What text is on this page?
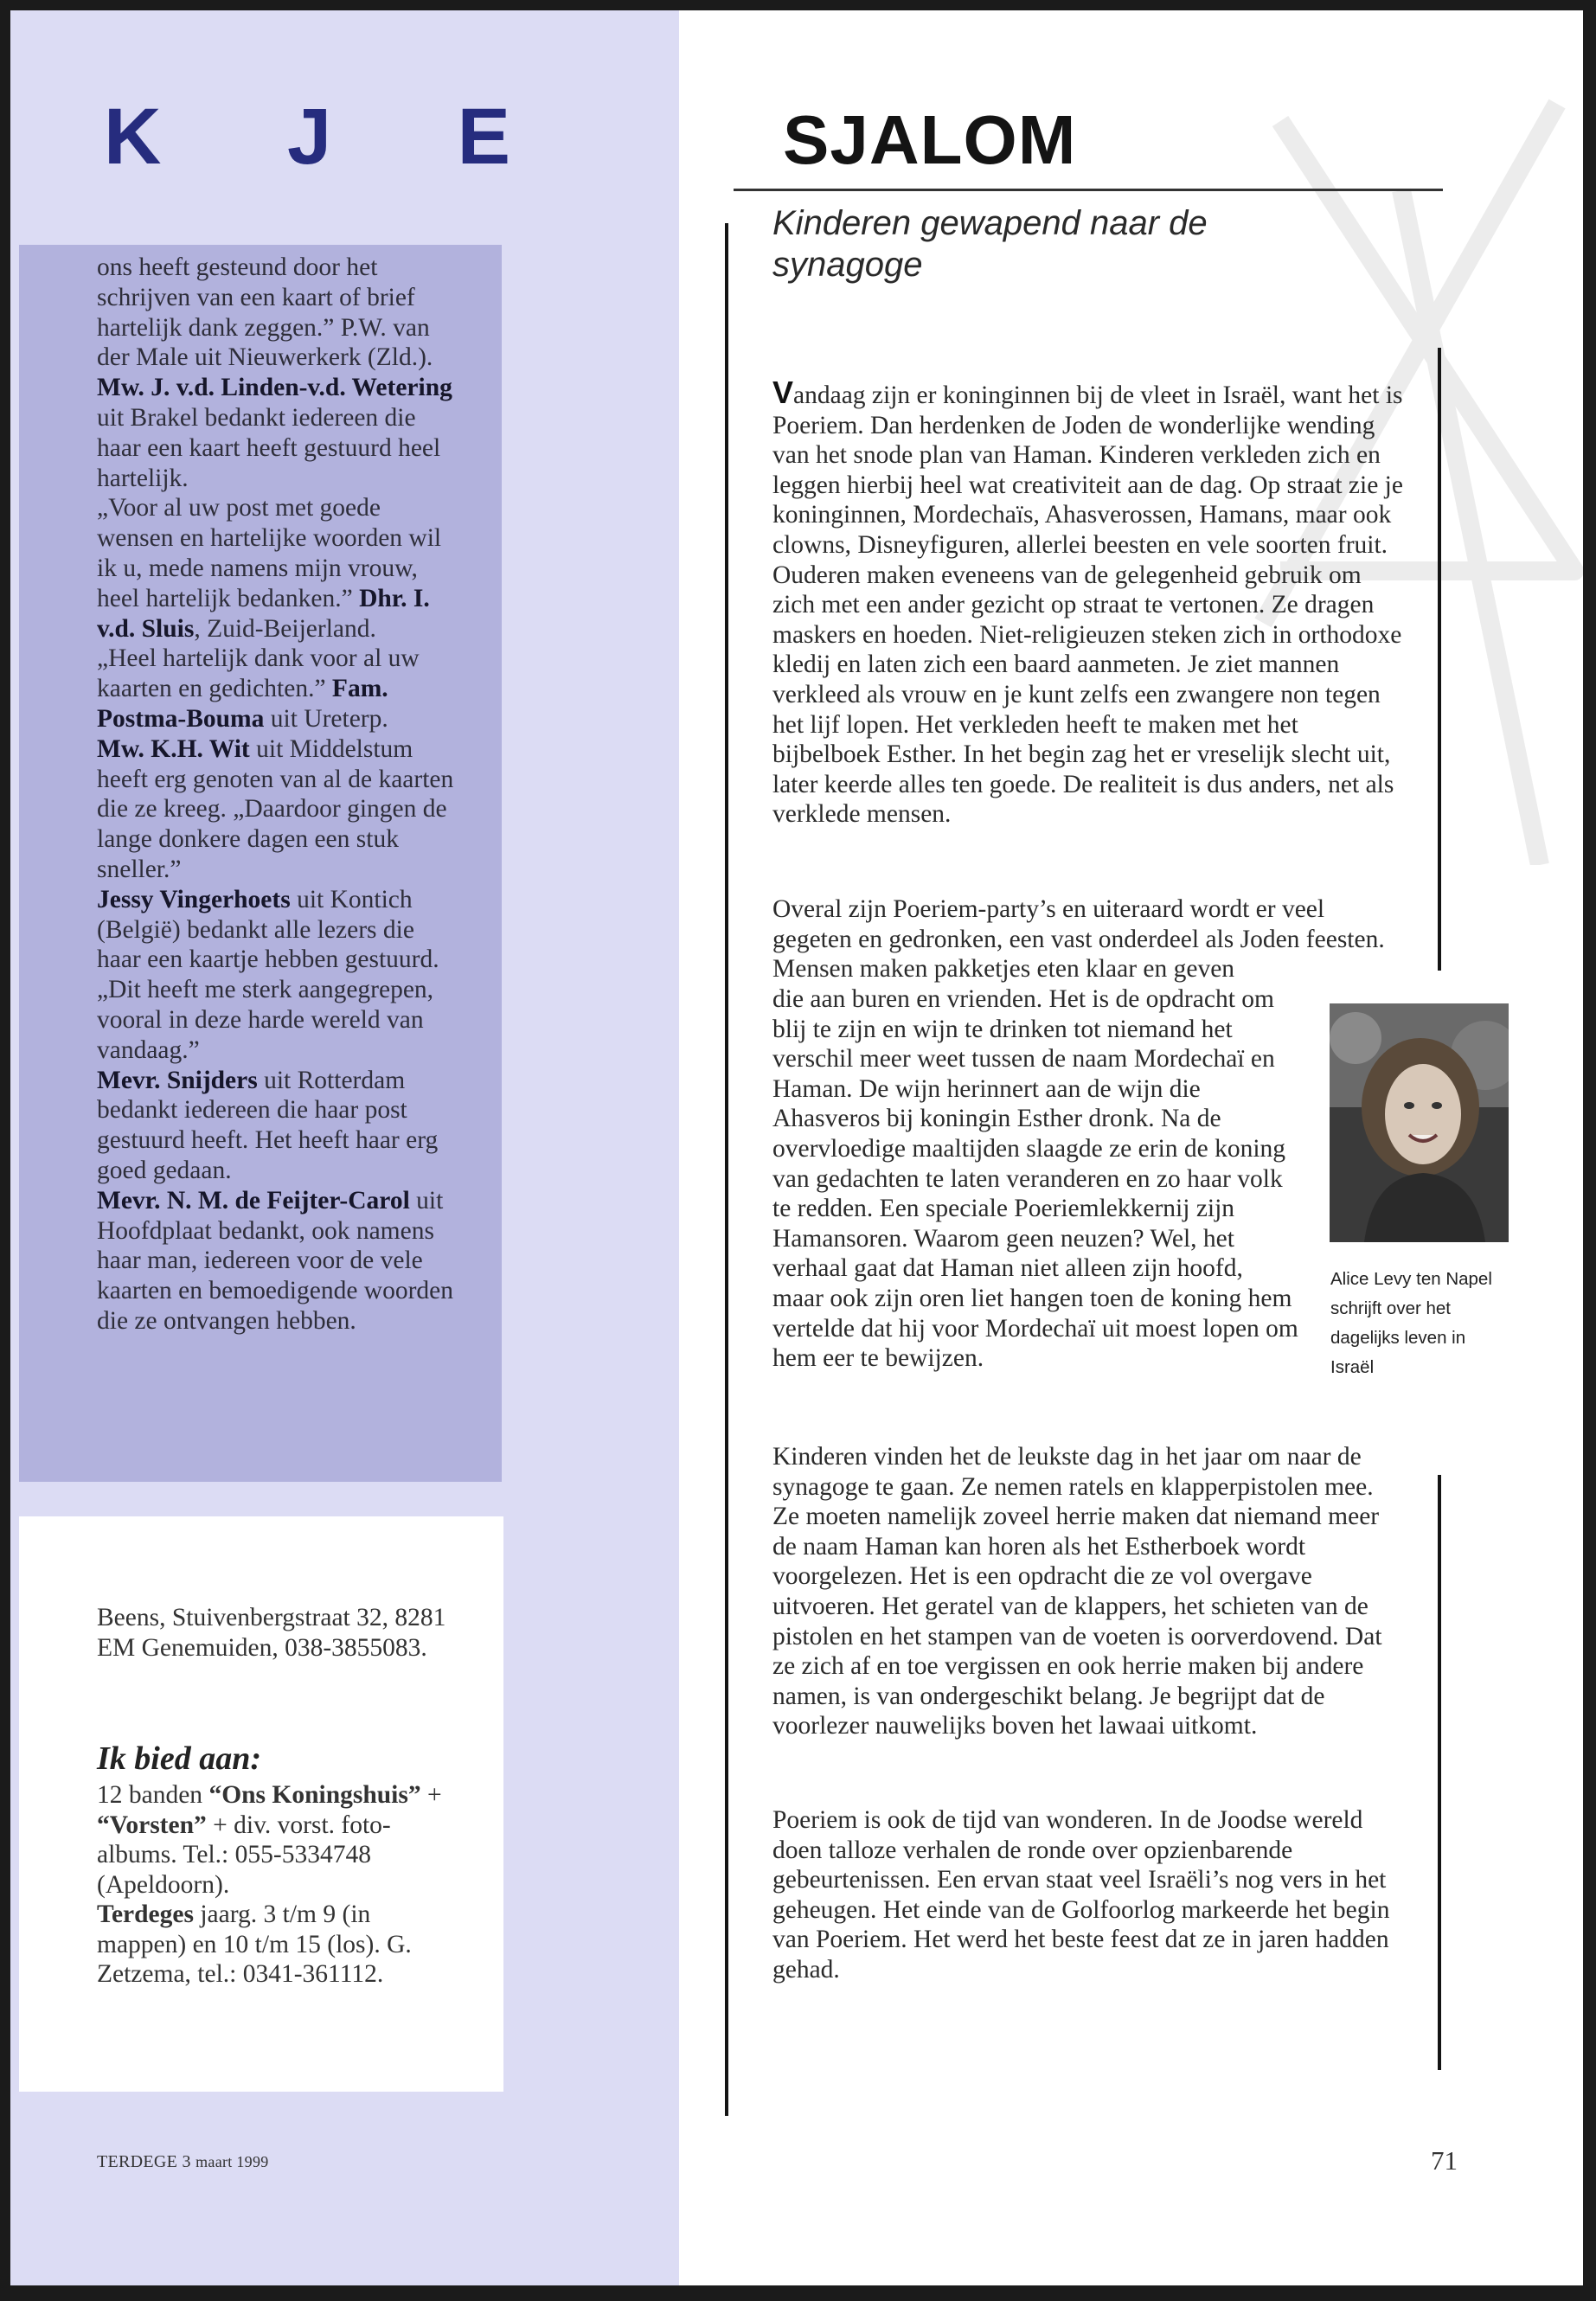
K J E

ons heeft gesteund door het schrijven van een kaart of brief hartelijk dank zeggen.” P.W. van der Male uit Nieuwerkerk (Zld.).

Mw. J. v.d. Linden-v.d. Wetering uit Brakel bedankt iedereen die haar een kaart heeft gestuurd heel hartelijk.

„Voor al uw post met goede wensen en hartelijke woorden wil ik u, mede namens mijn vrouw, heel hartelijk bedanken.” Dhr. I. v.d. Sluis, Zuid-Beijerland.

„Heel hartelijk dank voor al uw kaarten en gedichten.” Fam. Postma-Bouma uit Ureterp.

Mw. K.H. Wit uit Middelstum heeft erg genoten van al de kaarten die ze kreeg. „Daardoor gingen de lange donkere dagen een stuk sneller.”

Jessy Vingerhoets uit Kontich (België) bedankt alle lezers die haar een kaartje hebben gestuurd. „Dit heeft me sterk aangegrepen, vooral in deze harde wereld van vandaag.”

Mevr. Snijders uit Rotterdam bedankt iedereen die haar post gestuurd heeft. Het heeft haar erg goed gedaan.

Mevr. N. M. de Feijter-Carol uit Hoofdplaat bedankt, ook namens haar man, iedereen voor de vele kaarten en bemoedigende woorden die ze ontvangen hebben.

Beens, Stuivenbergstraat 32, 8281 EM Genemuiden, 038-3855083.
Ik bied aan:

12 banden “Ons Koningshuis” + “Vorsten” + div. vorst. foto-albums. Tel.: 055-5334748 (Apeldoorn).

Terdeges jaarg. 3 t/m 9 (in mappen) en 10 t/m 15 (los). G. Zetzema, tel.: 0341-361112.

TERDEGE 3 maart 1999
SJALOM
Kinderen gewapend naar de synagoge

Vandaag zijn er koninginnen bij de vleet in Israël, want het is Poeriem. Dan herdenken de Joden de wonderlijke wending van het snode plan van Haman. Kinderen verkleden zich en leggen hierbij heel wat creativiteit aan de dag. Op straat zie je koninginnen, Mordechaïs, Ahasverossen, Hamans, maar ook clowns, Disneyfiguren, allerlei beesten en vele soorten fruit. Ouderen maken eveneens van de gelegenheid gebruik om zich met een ander gezicht op straat te vertonen. Ze dragen maskers en hoeden. Niet-religieuzen steken zich in orthodoxe kledij en laten zich een baard aanmeten. Je ziet mannen verkleed als vrouw en je kunt zelfs een zwangere non tegen het lijf lopen. Het verkleden heeft te maken met het bijbelboek Esther. In het begin zag het er vreselijk slecht uit, later keerde alles ten goede. De realiteit is dus anders, net als verklede mensen.

Overal zijn Poeriem-party’s en uiteraard wordt er veel gegeten en gedronken, een vast onderdeel als Joden feesten. Mensen maken pakketjes eten klaar en geven

die aan buren en vrienden. Het is de opdracht om blij te zijn en wijn te drinken tot niemand het verschil meer weet tussen de naam Mordechaï en Haman. De wijn herinnert aan de wijn die Ahasveros bij koningin Esther dronk. Na de overvloedige maaltijden slaagde ze erin de koning van gedachten te laten veranderen en zo haar volk te redden. Een speciale Poeriemlekkernij zijn Hamansoren. Waarom geen neuzen? Wel, het verhaal gaat dat Haman niet alleen zijn hoofd, maar ook zijn oren liet hangen toen de koning hem vertelde dat hij voor Mordechaï uit moest lopen om hem eer te bewijzen.

Kinderen vinden het de leukste dag in het jaar om naar de synagoge te gaan. Ze nemen ratels en klapperpistolen mee. Ze moeten namelijk zoveel herrie maken dat niemand meer de naam Haman kan horen als het Estherboek wordt voorgelezen. Het is een opdracht die ze vol overgave uitvoeren. Het geratel van de klappers, het schieten van de pistolen en het stampen van de voeten is oorverdovend. Dat ze zich af en toe vergissen en ook herrie maken bij andere namen, is van ondergeschikt belang. Je begrijpt dat de voorlezer nauwelijks boven het lawaai uitkomt.

Poeriem is ook de tijd van wonderen. In de Joodse wereld doen talloze verhalen de ronde over opzienbarende gebeurtenissen. Een ervan staat veel Israëli’s nog vers in het geheugen. Het einde van de Golfoorlog markeerde het begin van Poeriem. Het werd het beste feest dat ze in jaren hadden gehad.

Alice Levy ten Napel schrijft over het dagelijks leven in Israël
71
